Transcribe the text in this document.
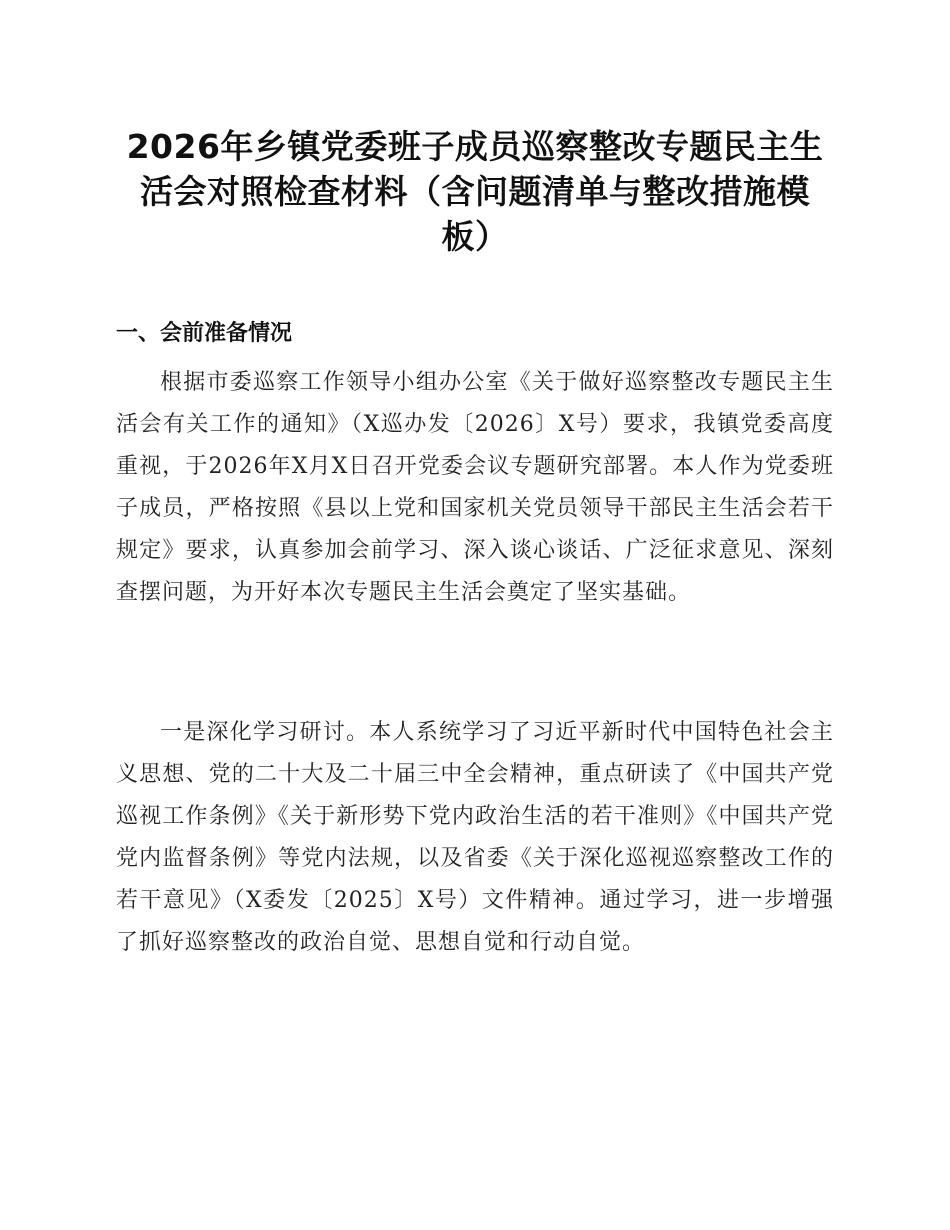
2026年乡镇党委班子成员巡察整改专题民主生活会对照检查材料（含问题清单与整改措施模板）
一、会前准备情况

根据市委巡察工作领导小组办公室《关于做好巡察整改专题民主生活会有关工作的通知》（X巡办发〔2026〕X号）要求，我镇党委高度重视，于2026年X月X日召开党委会议专题研究部署。本人作为党委班子成员，严格按照《县以上党和国家机关党员领导干部民主生活会若干规定》要求，认真参加会前学习、深入谈心谈话、广泛征求意见、深刻查摆问题，为开好本次专题民主生活会奠定了坚实基础。

一是深化学习研讨。本人系统学习了习近平新时代中国特色社会主义思想、党的二十大及二十届三中全会精神，重点研读了《中国共产党巡视工作条例》《关于新形势下党内政治生活的若干准则》《中国共产党党内监督条例》等党内法规，以及省委《关于深化巡视巡察整改工作的若干意见》（X委发〔2025〕X号）文件精神。通过学习，进一步增强了抓好巡察整改的政治自觉、思想自觉和行动自觉。
